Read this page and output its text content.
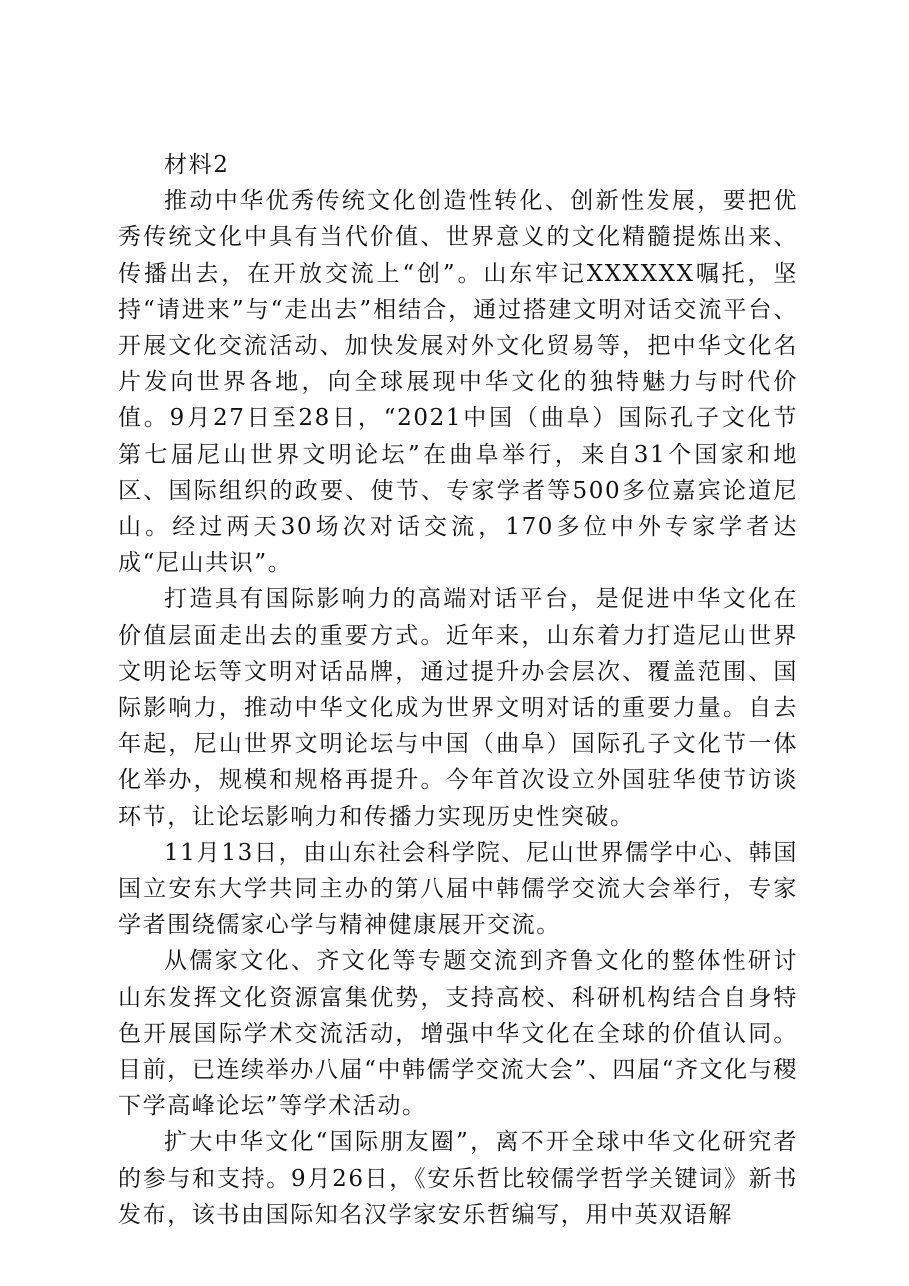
材料2

推动中华优秀传统文化创造性转化、创新性发展，要把优秀传统文化中具有当代价值、世界意义的文化精髓提炼出来、传播出去，在开放交流上“创”。山东牢记XXXXXX嘱托，坚持“请进来”与“走出去”相结合，通过搭建文明对话交流平台、开展文化交流活动、加快发展对外文化贸易等，把中华文化名片发向世界各地，向全球展现中华文化的独特魅力与时代价值。9月27日至28日，“2021中国（曲阜）国际孔子文化节 第七届尼山世界文明论坛”在曲阜举行，来自31个国家和地区、国际组织的政要、使节、专家学者等500多位嘉宾论道尼山。经过两天30场次对话交流，170多位中外专家学者达成“尼山共识”。

打造具有国际影响力的高端对话平台，是促进中华文化在价值层面走出去的重要方式。近年来，山东着力打造尼山世界文明论坛等文明对话品牌，通过提升办会层次、覆盖范围、国际影响力，推动中华文化成为世界文明对话的重要力量。自去年起，尼山世界文明论坛与中国（曲阜）国际孔子文化节一体化举办，规模和规格再提升。今年首次设立外国驻华使节访谈环节，让论坛影响力和传播力实现历史性突破。

11月13日，由山东社会科学院、尼山世界儒学中心、韩国国立安东大学共同主办的第八届中韩儒学交流大会举行，专家学者围绕儒家心学与精神健康展开交流。

从儒家文化、齐文化等专题交流到齐鲁文化的整体性研讨山东发挥文化资源富集优势，支持高校、科研机构结合自身特色开展国际学术交流活动，增强中华文化在全球的价值认同。目前，已连续举办八届“中韩儒学交流大会”、四届“齐文化与稷下学高峰论坛”等学术活动。

扩大中华文化“国际朋友圈”，离不开全球中华文化研究者的参与和支持。9月26日，《安乐哲比较儒学哲学关键词》新书发布，该书由国际知名汉学家安乐哲编写，用中英双语解
